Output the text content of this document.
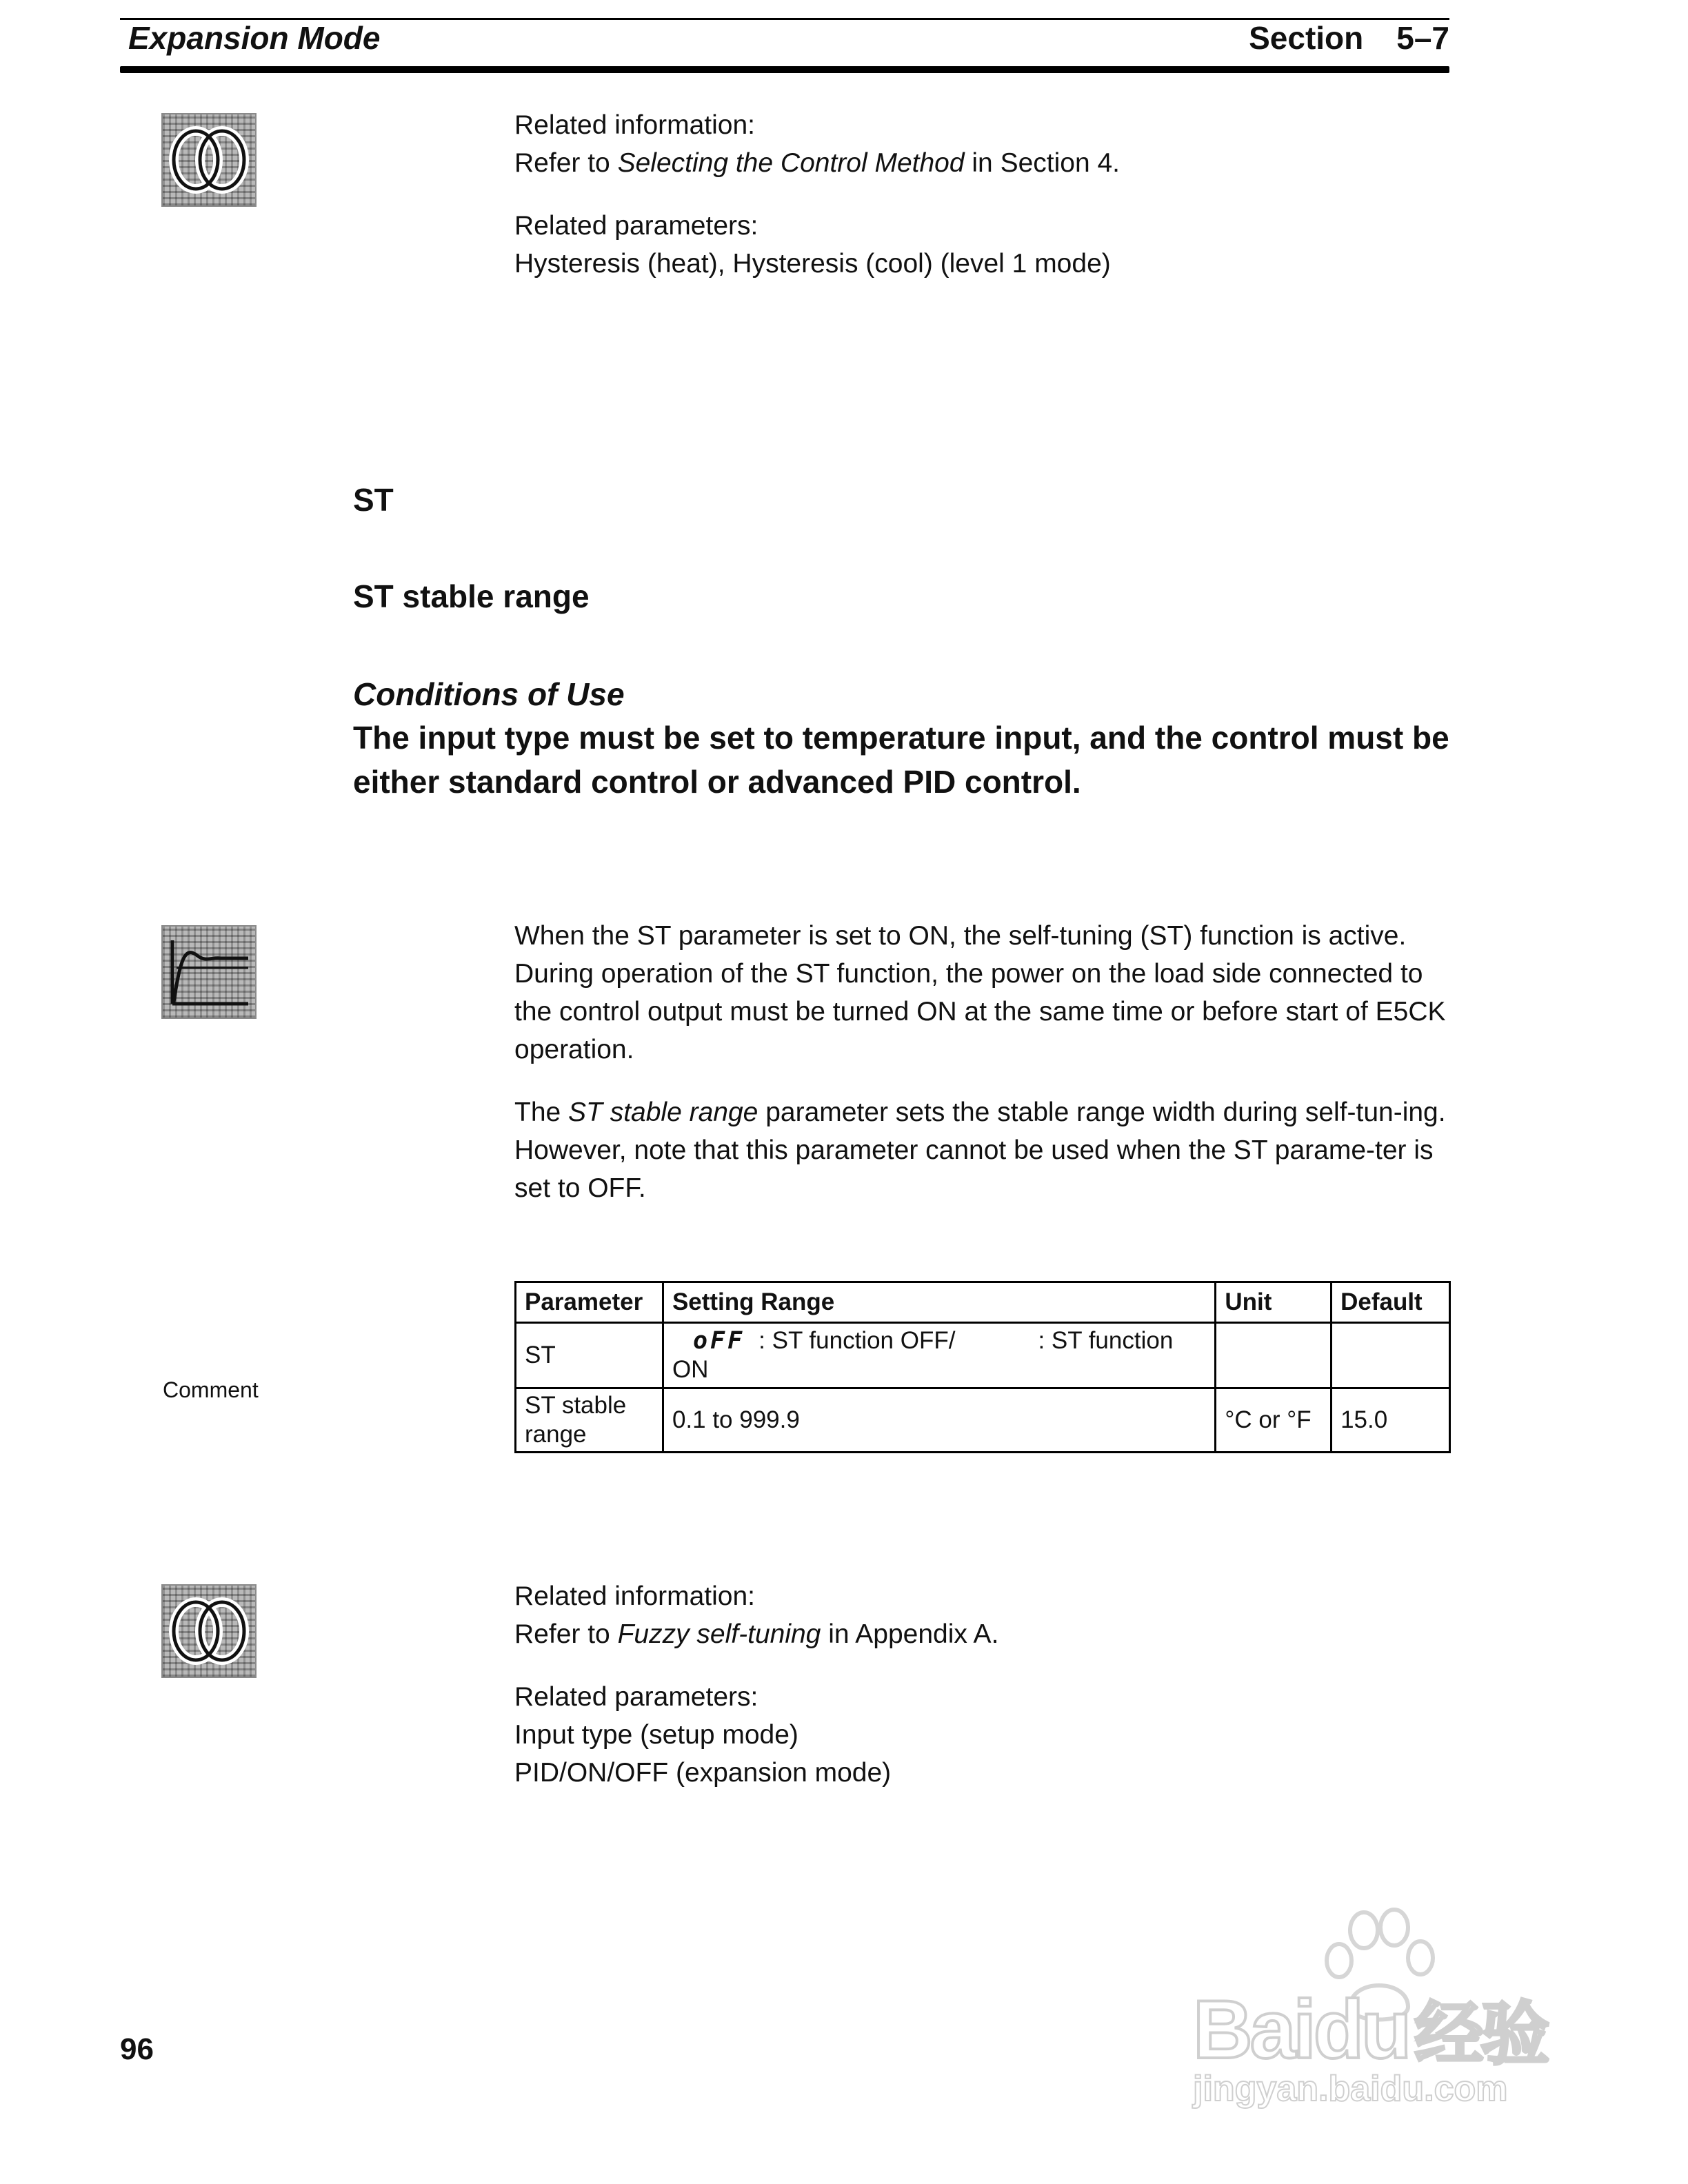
Expansion Mode	Section 5–7

Related information:

Refer to Selecting the Control Method in Section 4.

Related parameters:

Hysteresis (heat), Hysteresis (cool) (level 1 mode)

ST
ST stable range
Conditions of Use
The input type must be set to temperature input, and the control must be either standard control or advanced PID control.

When the ST parameter is set to ON, the self-tuning (ST) function is active. During operation of the ST function, the power on the load side connected to the control output must be turned ON at the same time or before start of E5CK operation.

The ST stable range parameter sets the stable range width during self-tun-ing. However, note that this parameter cannot be used when the ST parame-ter is set to OFF.

Comment
Parameter	Setting Range	Unit	Default
ST	oFF : ST function OFF/ : ST function
ON		
ST stable range	0.1 to 999.9	°C or °F	15.0

Related information:

Refer to Fuzzy self-tuning in Appendix A.

Related parameters:

Input type (setup mode)

PID/ON/OFF (expansion mode)

96	Baidu经验
jingyan.baidu.com
